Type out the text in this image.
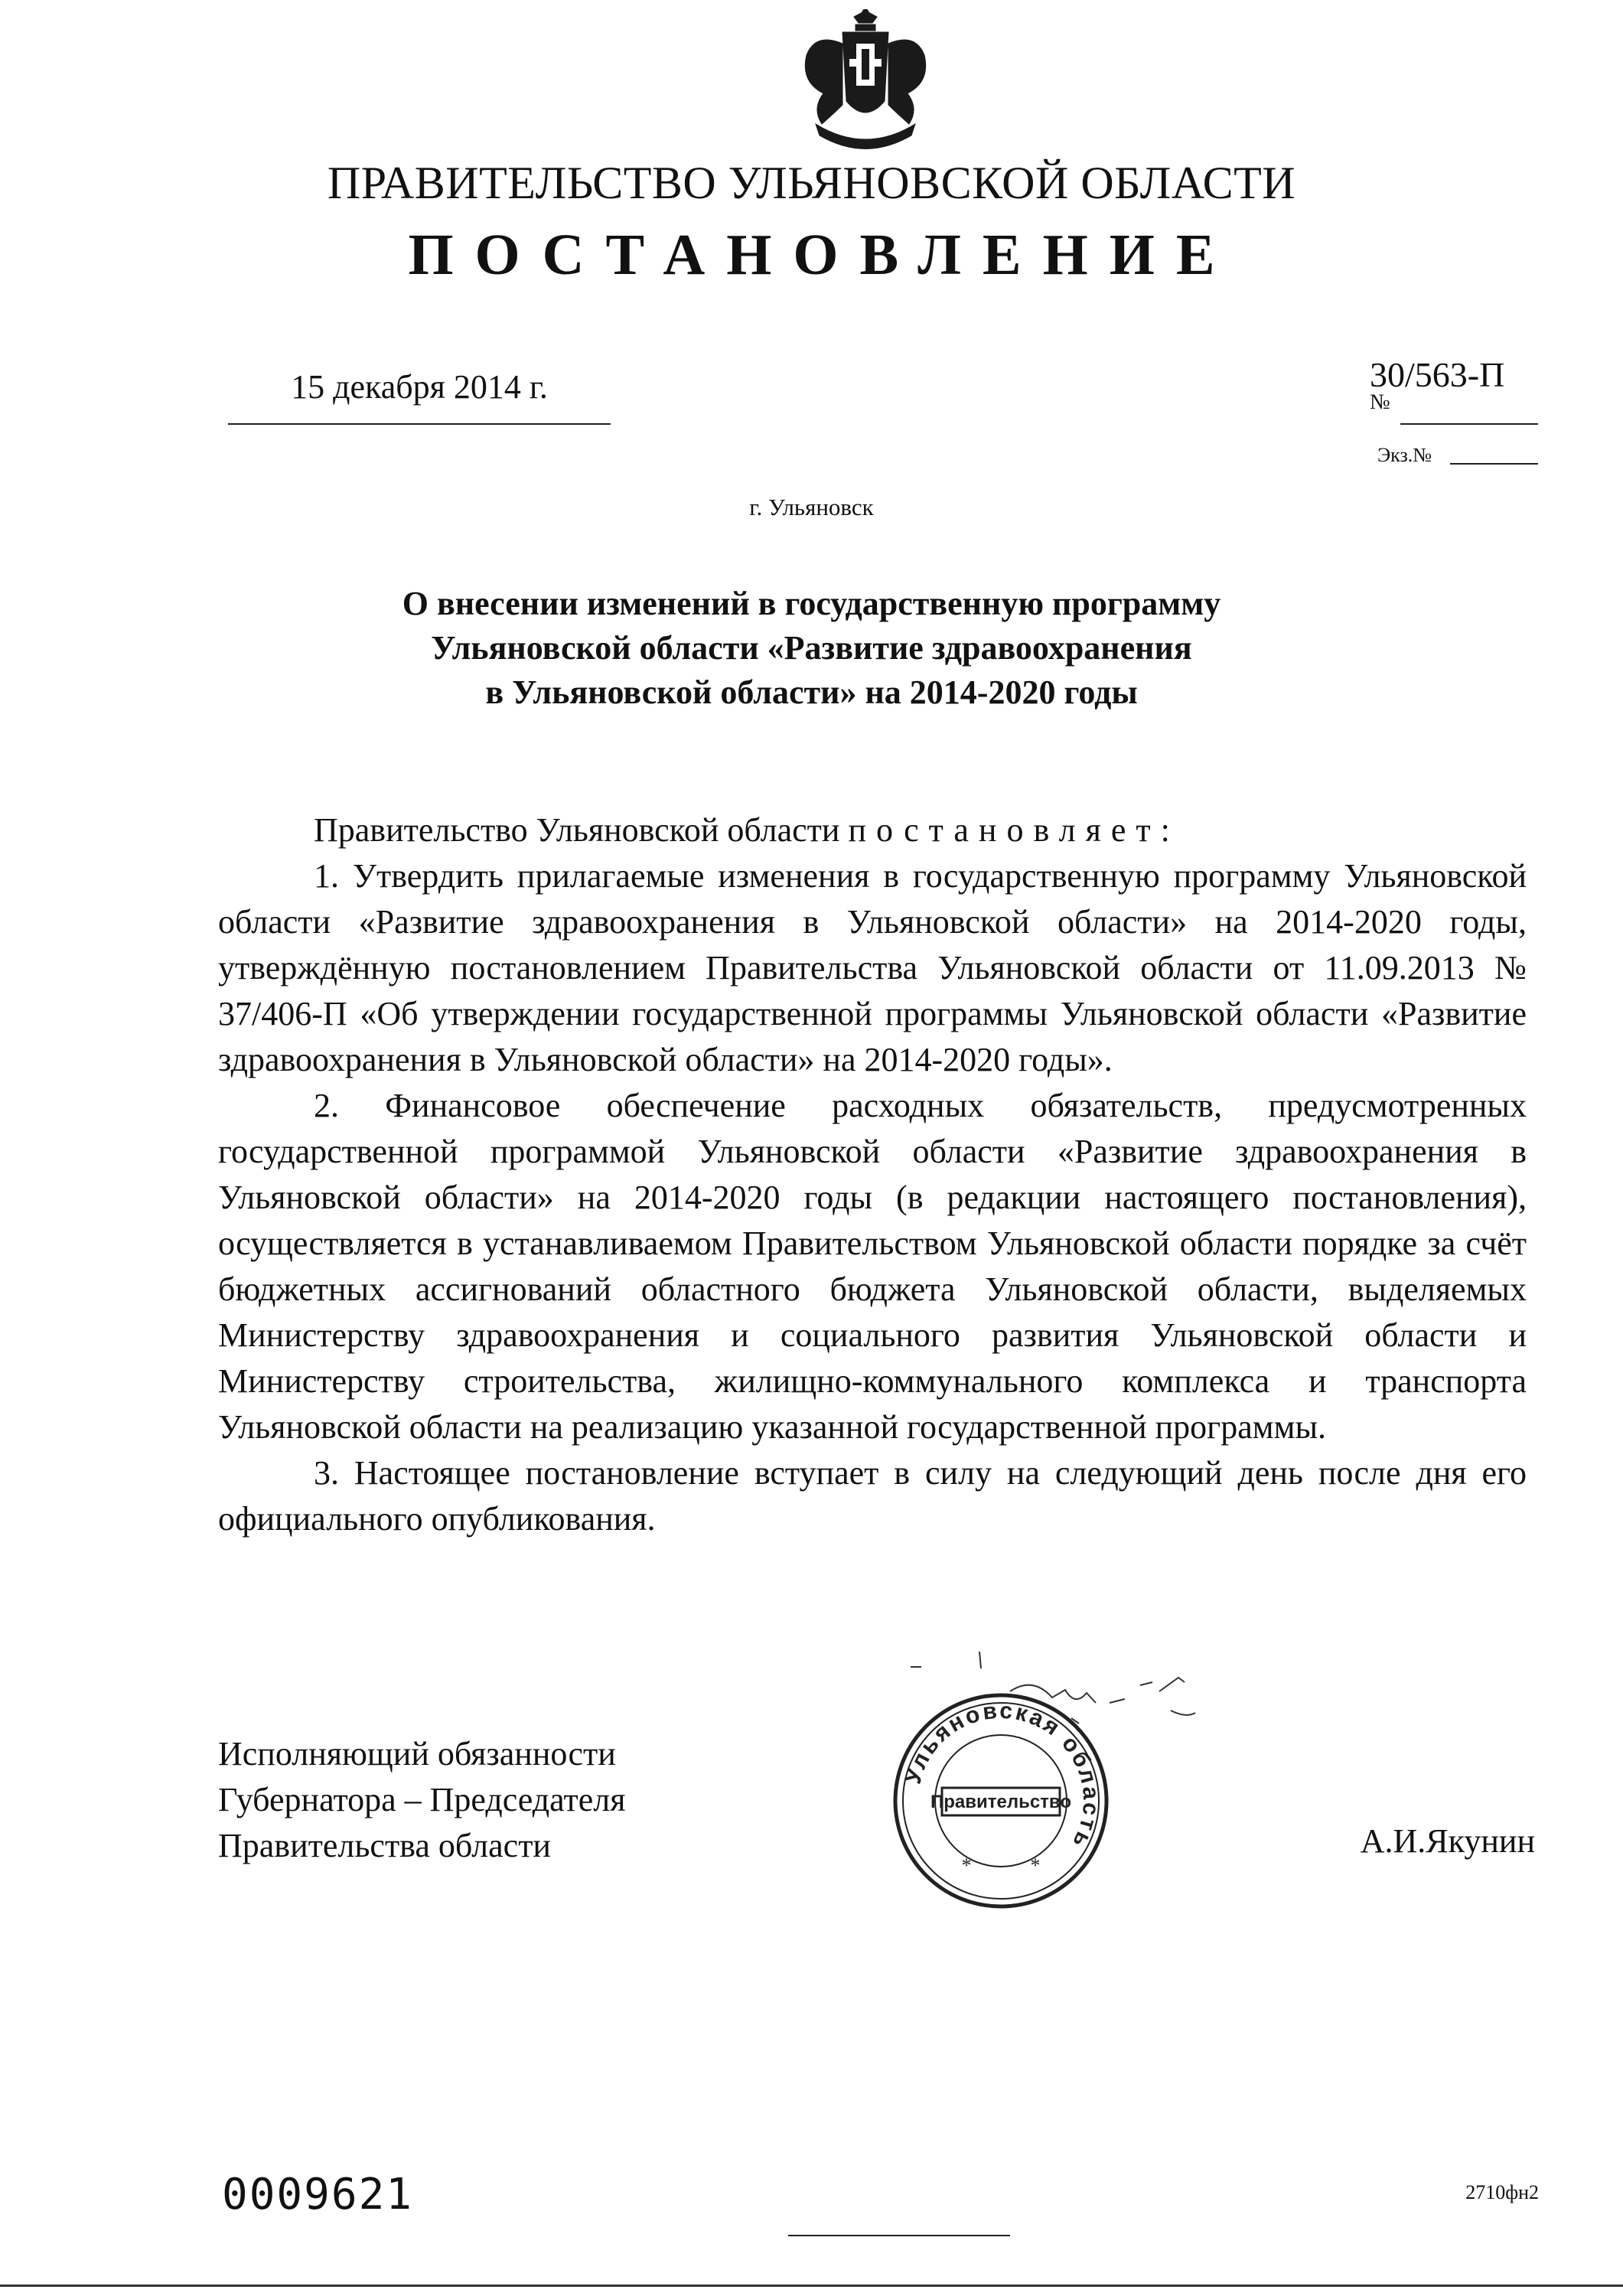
ПРАВИТЕЛЬСТВО УЛЬЯНОВСКОЙ ОБЛАСТИ
ПОСТАНОВЛЕНИЕ
15 декабря 2014 г.	30/563-П
№
Экз.№
г. Ульяновск
О внесении изменений в государственную программу
Ульяновской области «Развитие здравоохранения
в Ульяновской области» на 2014-2020 годы

Правительство Ульяновской области постановляет:

1. Утвердить прилагаемые изменения в государственную программу Ульяновской области «Развитие здравоохранения в Ульяновской области» на 2014-2020 годы, утверждённую постановлением Правительства Ульяновской области от 11.09.2013 № 37/406-П «Об утверждении государственной программы Ульяновской области «Развитие здравоохранения в Ульяновской области» на 2014-2020 годы».

2. Финансовое обеспечение расходных обязательств, предусмотренных государственной программой Ульяновской области «Развитие здравоохранения в Ульяновской области» на 2014-2020 годы (в редакции настоящего постановления), осуществляется в устанавливаемом Правительством Ульяновской области порядке за счёт бюджетных ассигнований областного бюджета Ульяновской области, выделяемых Министерству здравоохранения и социального развития Ульяновской области и Министерству строительства, жилищно-коммунального комплекса и транспорта Ульяновской области на реализацию указанной государственной программы.

3. Настоящее постановление вступает в силу на следующий день после дня его официального опубликования.

Исполняющий обязанности
Губернатора – Председателя
Правительства области
Ульяновская область
Правительство
*	*
А.И.Якунин
0009621	2710фн2
